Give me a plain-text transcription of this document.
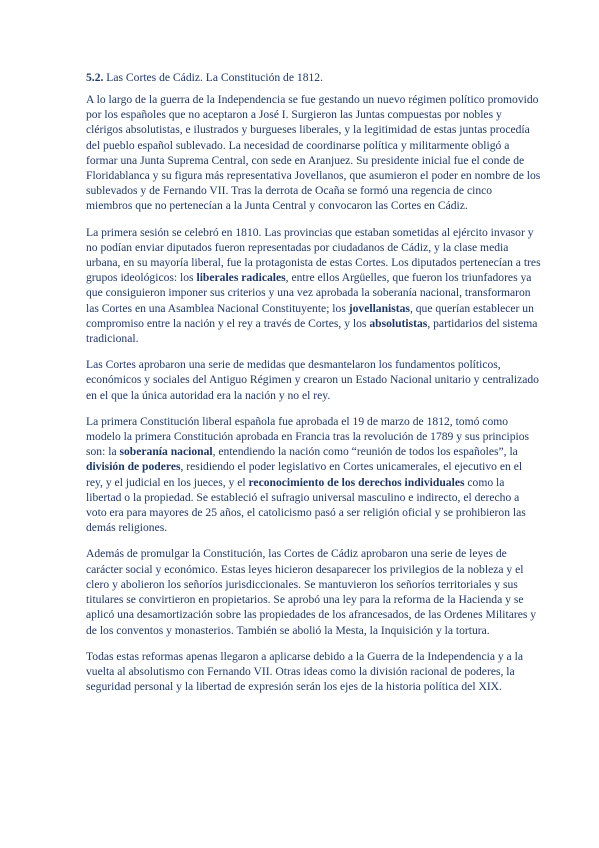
5.2. Las Cortes de Cádiz. La Constitución de 1812.

A lo largo de la guerra de la Independencia se fue gestando un nuevo régimen político promovido por los españoles que no aceptaron a José I. Surgieron las Juntas compuestas por nobles y clérigos absolutistas, e ilustrados y burgueses liberales, y la legitimidad de estas juntas procedía del pueblo español sublevado. La necesidad de coordinarse política y militarmente obligó a formar una Junta Suprema Central, con sede en Aranjuez. Su presidente inicial fue el conde de Floridablanca y su figura más representativa Jovellanos, que asumieron el poder en nombre de los sublevados y de Fernando VII. Tras la derrota de Ocaña se formó una regencia de cinco miembros que no pertenecían a la Junta Central y convocaron las Cortes en Cádiz.

La primera sesión se celebró en 1810. Las provincias que estaban sometidas al ejército invasor y no podían enviar diputados fueron representadas por ciudadanos de Cádiz, y la clase media urbana, en su mayoría liberal, fue la protagonista de estas Cortes. Los diputados pertenecían a tres grupos ideológicos: los liberales radicales, entre ellos Argüelles, que fueron los triunfadores ya que consiguieron imponer sus criterios y una vez aprobada la soberanía nacional, transformaron las Cortes en una Asamblea Nacional Constituyente; los jovellanistas, que querían establecer un compromiso entre la nación y el rey a través de Cortes, y los absolutistas, partidarios del sistema tradicional.

Las Cortes aprobaron una serie de medidas que desmantelaron los fundamentos políticos, económicos y sociales del Antiguo Régimen y crearon un Estado Nacional unitario y centralizado en el que la única autoridad era la nación y no el rey.

La primera Constitución liberal española fue aprobada el 19 de marzo de 1812, tomó como modelo la primera Constitución aprobada en Francia tras la revolución de 1789 y sus principios son: la soberanía nacional, entendiendo la nación como “reunión de todos los españoles”, la división de poderes, residiendo el poder legislativo en Cortes unicamerales, el ejecutivo en el rey, y el judicial en los jueces, y el reconocimiento de los derechos individuales como la libertad o la propiedad. Se estableció el sufragio universal masculino e indirecto, el derecho a voto era para mayores de 25 años, el catolicismo pasó a ser religión oficial y se prohibieron las demás religiones.

Además de promulgar la Constitución, las Cortes de Cádiz aprobaron una serie de leyes de carácter social y económico. Estas leyes hicieron desaparecer los privilegios de la nobleza y el clero y abolieron los señoríos jurisdiccionales. Se mantuvieron los señoríos territoriales y sus titulares se convirtieron en propietarios. Se aprobó una ley para la reforma de la Hacienda y se aplicó una desamortización sobre las propiedades de los afrancesados, de las Ordenes Militares y de los conventos y monasterios. También se abolió la Mesta, la Inquisición y la tortura.

Todas estas reformas apenas llegaron a aplicarse debido a la Guerra de la Independencia y a la vuelta al absolutismo con Fernando VII. Otras ideas como la división racional de poderes, la seguridad personal y la libertad de expresión serán los ejes de la historia política del XIX.
